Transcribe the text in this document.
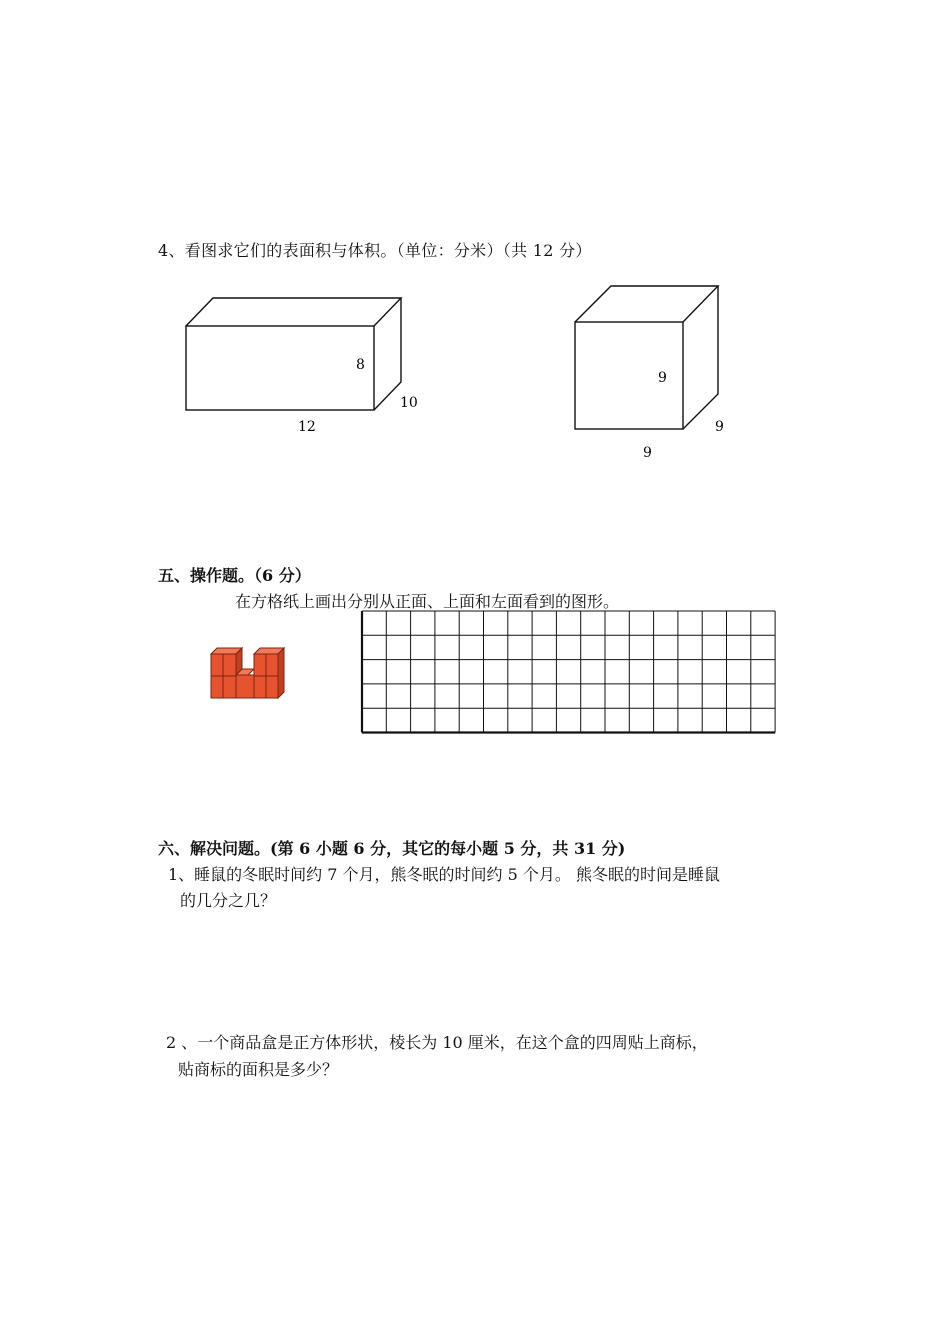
4、看图求它们的表面积与体积。（单位：分米）（共 12 分）
8
10
12
9
9
9
五、操作题。（6 分）
在方格纸上画出分别从正面、上面和左面看到的图形。
六、解决问题。(第 6 小题 6 分，其它的每小题 5 分，共 31 分)
1、睡鼠的冬眠时间约 7 个月，熊冬眠的时间约 5 个月。 熊冬眠的时间是睡鼠
的几分之几？
2 、一个商品盒是正方体形状，棱长为 10 厘米，在这个盒的四周贴上商标，
贴商标的面积是多少？
